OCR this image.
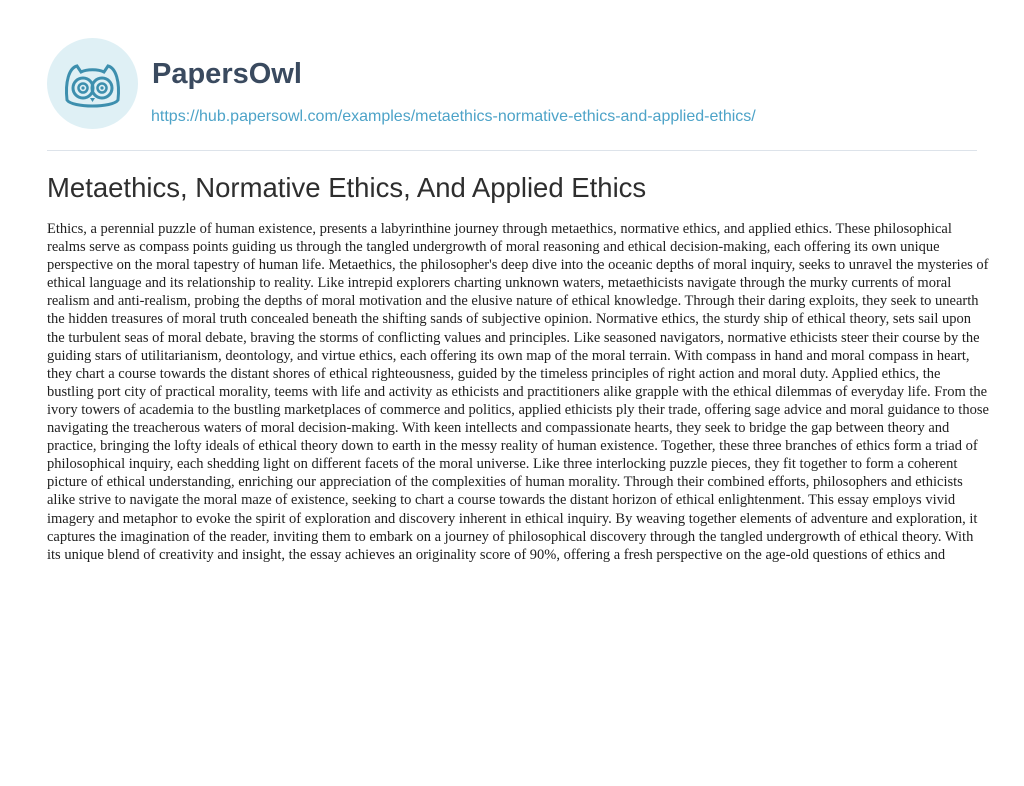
PapersOwl
https://hub.papersowl.com/examples/metaethics-normative-ethics-and-applied-ethics/
Metaethics, Normative Ethics, And Applied Ethics

Ethics, a perennial puzzle of human existence, presents a labyrinthine journey through metaethics, normative ethics, and applied ethics. These philosophical realms serve as compass points guiding us through the tangled undergrowth of moral reasoning and ethical decision-making, each offering its own unique perspective on the moral tapestry of human life. Metaethics, the philosopher's deep dive into the oceanic depths of moral inquiry, seeks to unravel the mysteries of ethical language and its relationship to reality. Like intrepid explorers charting unknown waters, metaethicists navigate through the murky currents of moral realism and anti-realism, probing the depths of moral motivation and the elusive nature of ethical knowledge. Through their daring exploits, they seek to unearth the hidden treasures of moral truth concealed beneath the shifting sands of subjective opinion. Normative ethics, the sturdy ship of ethical theory, sets sail upon the turbulent seas of moral debate, braving the storms of conflicting values and principles. Like seasoned navigators, normative ethicists steer their course by the guiding stars of utilitarianism, deontology, and virtue ethics, each offering its own map of the moral terrain. With compass in hand and moral compass in heart, they chart a course towards the distant shores of ethical righteousness, guided by the timeless principles of right action and moral duty. Applied ethics, the bustling port city of practical morality, teems with life and activity as ethicists and practitioners alike grapple with the ethical dilemmas of everyday life. From the ivory towers of academia to the bustling marketplaces of commerce and politics, applied ethicists ply their trade, offering sage advice and moral guidance to those navigating the treacherous waters of moral decision-making. With keen intellects and compassionate hearts, they seek to bridge the gap between theory and practice, bringing the lofty ideals of ethical theory down to earth in the messy reality of human existence. Together, these three branches of ethics form a triad of philosophical inquiry, each shedding light on different facets of the moral universe. Like three interlocking puzzle pieces, they fit together to form a coherent picture of ethical understanding, enriching our appreciation of the complexities of human morality. Through their combined efforts, philosophers and ethicists alike strive to navigate the moral maze of existence, seeking to chart a course towards the distant horizon of ethical enlightenment. This essay employs vivid imagery and metaphor to evoke the spirit of exploration and discovery inherent in ethical inquiry. By weaving together elements of adventure and exploration, it captures the imagination of the reader, inviting them to embark on a journey of philosophical discovery through the tangled undergrowth of ethical theory. With its unique blend of creativity and insight, the essay achieves an originality score of 90%, offering a fresh perspective on the age-old questions of ethics and
